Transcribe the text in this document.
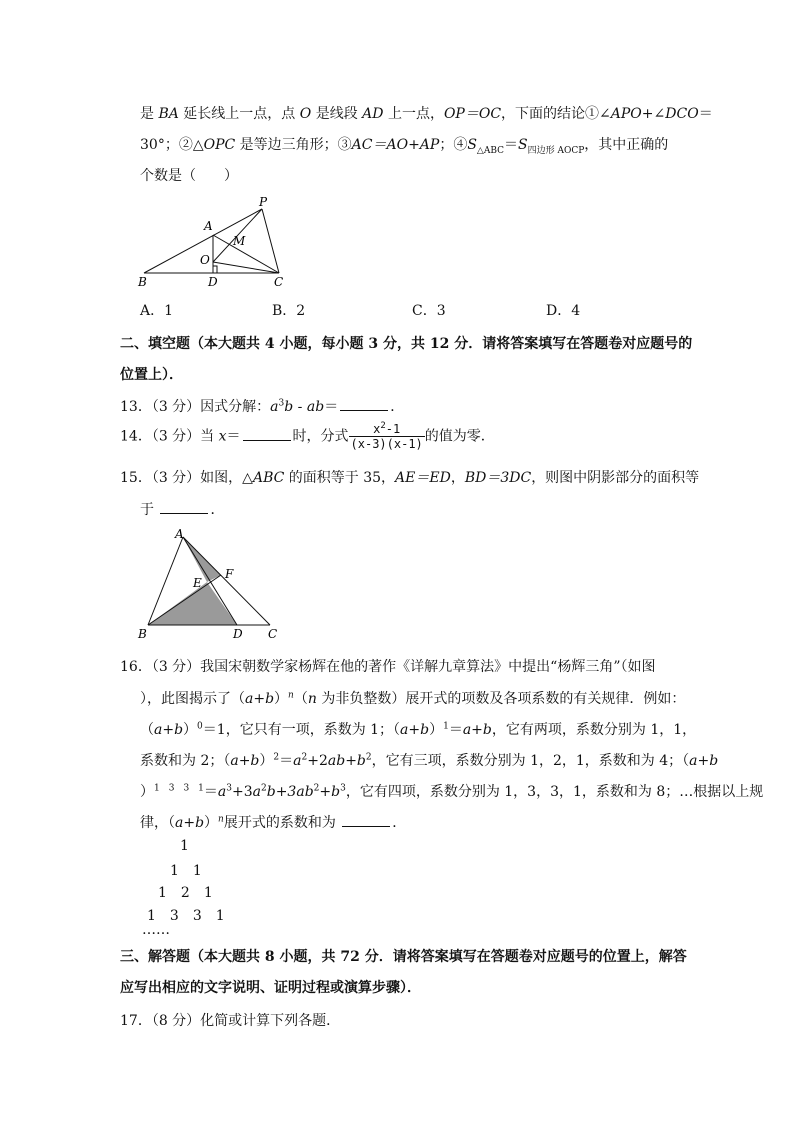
是 BA 延长线上一点，点 O 是线段 AD 上一点，OP＝OC，下面的结论①∠APO+∠DCO＝
30°；②△OPC 是等边三角形；③AC＝AO+AP；$④S_{\triangle ABC}=S_{四边形 AOCP}$，其中正确的
个数是（　　）
P
A
M
O
B	D	C
A．1	B．2	C．3	D．4
二、填空题（本大题共 4 小题，每小题 3 分，共 12 分．请将答案填写在答题卷对应题号的
位置上）．
13．（3 分）因式分解：$a^3b - ab=$	．
14．（3 分）当 x＝	时，分式 $\frac{x^2-1}{(x-3)(x-1)}$ 的值为零．
15．（3 分）如图，△ABC 的面积等于 35，AE＝ED，BD＝3DC，则图中阴影部分的面积等
于	．
A
E
F
B	D C
16．（3 分）我国宋朝数学家杨辉在他的著作《详解九章算法》中提出“杨辉三角”（如图
），此图揭示了$(a+b)^n(n$ 为非负整数）展开式的项数及各项系数的有关规律．例如：
$(a+b)^0=1$，它只有一项，系数为 1；$(a+b)^1=a+b$，它有两项，系数分别为 1，1，
系数和为 2；$(a+b)^2=a^2+2ab+b^2$，它有三项，系数分别为 1，2，1，系数和为 4；（a+b
）$^{1 3 3 1}=a^3+3a^2b+3ab^2+b^3$，它有四项，系数分别为 1，3，3，1，系数和为 8；…根据以上规
律，$(a+b)^n$展开式的系数和为	．
1
1　1
1　2　1
1　3　3　1
……
三、解答题（本大题共 8 小题，共 72 分．请将答案填写在答题卷对应题号的位置上，解答
应写出相应的文字说明、证明过程或演算步骤）．
17．（8 分）化简或计算下列各题．
